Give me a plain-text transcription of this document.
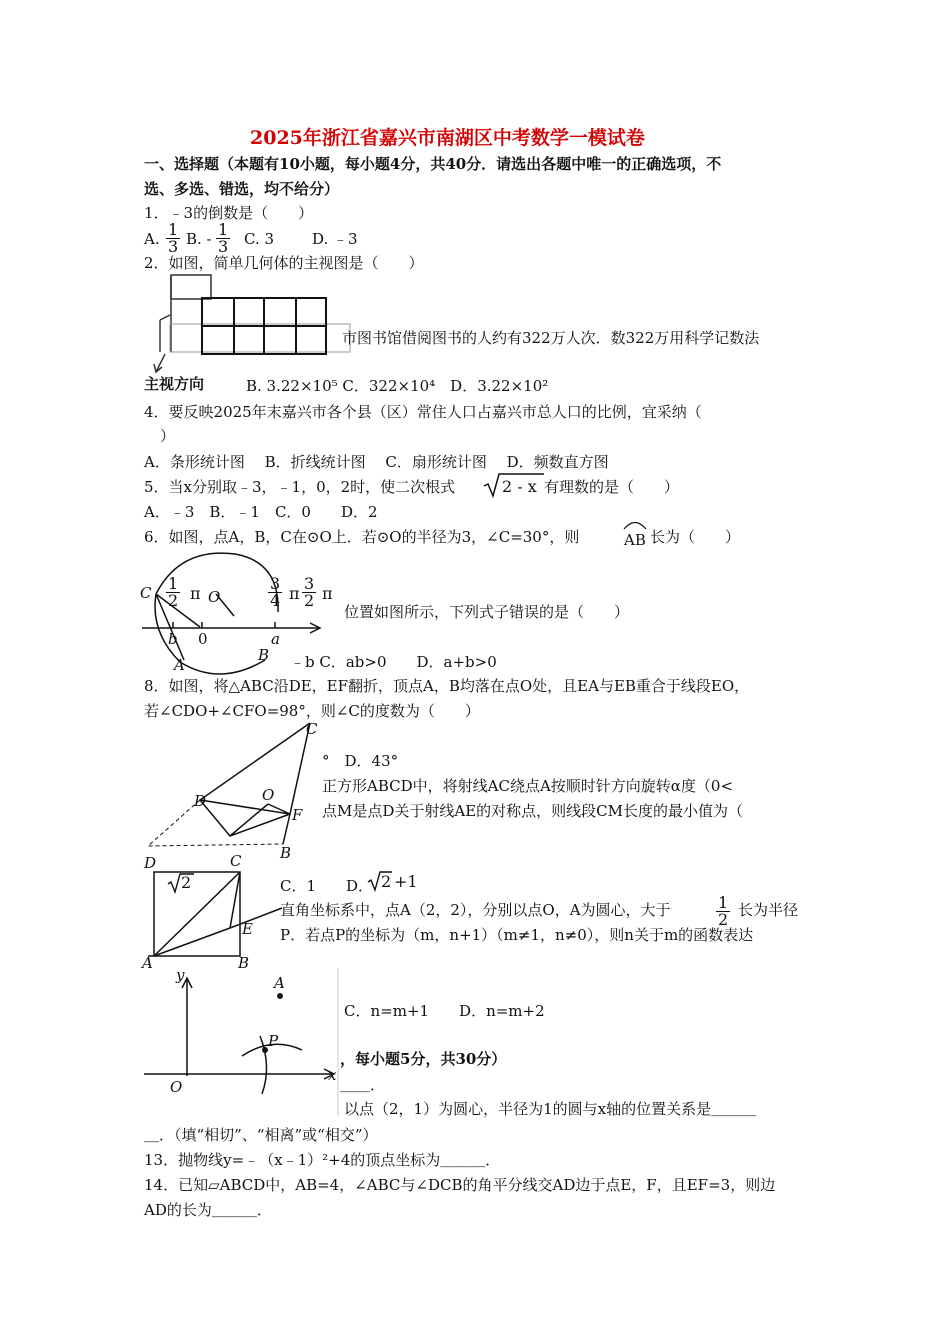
2025年浙江省嘉兴市南湖区中考数学一模试卷
一、选择题（本题有10小题，每小题4分，共40分．请选出各题中唯一的正确选项，不
选、多选、错选，均不给分）
1．﹣3的倒数是（　　）
A. $\frac{1}{3} B$. - $\frac{1}{3} C$. 3	D. ﹣3
2．如图，简单几何体的主视图是（　　）
主视方向
市图书馆借阅图书的人约有322万人次．数322万用科学记数法
B. 3.22×10⁵ C．322×10⁴　D．3.22×10²
4．要反映2025年末嘉兴市各个县（区）常住人口占嘉兴市总人口的比例，宜采纳（
）
A．条形统计图　 B．折线统计图　 C．扇形统计图　 D．频数直方图
5．当x分别取﹣3，﹣1，0，2时，使二次根式	2 - x 有理数的是（　　）
A．﹣3　B．﹣1　C．0　　D．2
6．如图，点A，B，C在⊙O上．若⊙O的半径为3，∠C=30°，则	AB 长为（　　）
C	O
B
A
$\frac{1}{2}$ π	$\frac{3}{4}$ π $\frac{3}{2}$ π
位置如图所示，下列式子错误的是（　　）
b 0	a
﹣b C．ab>0　　D．a+b>0
8．如图，将△ABC沿DE，EF翻折，顶点A，B均落在点O处，且EA与EB重合于线段EO，
若∠CDO+∠CFO=98°，则∠C的度数为（　　）
C
D	O
F
B
°　D．43°
正方形ABCD中，将射线AC绕点A按顺时针方向旋转α度（0<
点M是点D关于射线AE的对称点，则线段CM长度的最小值为（
D	C
A	B
E
2	C．1　　D． 2 +1
直角坐标系中，点A（2，2），分别以点O，A为圆心，大于	$\frac{1}{2}$ 长为半径
P．若点P的坐标为（m，n+1）（m≠1，n≠0），则n关于m的函数表达
y	A
P
O
x
C．n=m+1　　D．n=m+2
，每小题5分，共30分）
＿＿．
以点（2，1）为圆心，半径为1的圆与x轴的位置关系是＿＿＿
＿．（填“相切”、“相离”或“相交”）
13．抛物线y=﹣（x﹣1）²+4的顶点坐标为＿＿＿．
14．已知▱ABCD中，AB=4，∠ABC与∠DCB的角平分线交AD边于点E，F，且EF=3，则边
AD的长为＿＿＿．
